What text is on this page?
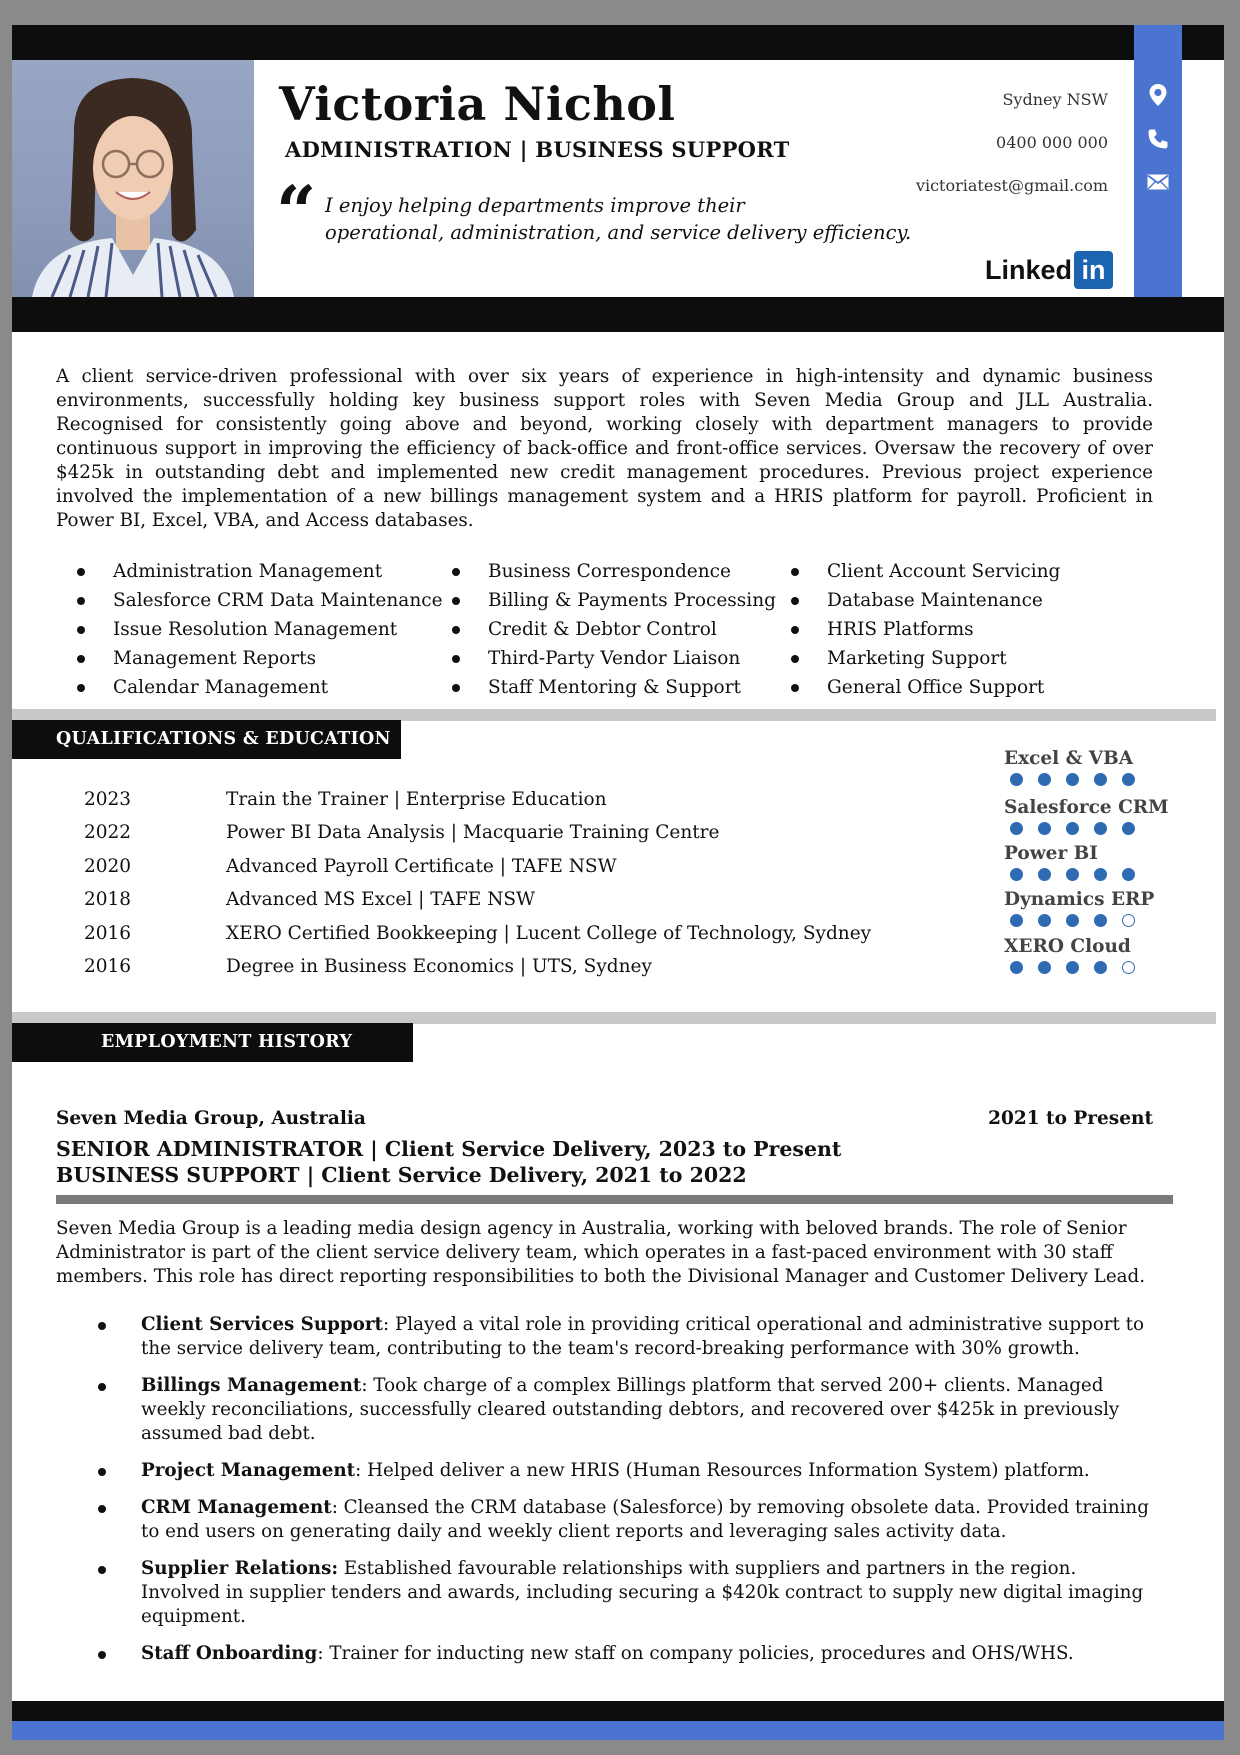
Victoria Nichol
ADMINISTRATION | BUSINESS SUPPORT
“ I enjoy helping departments improve their
operational, administration, and service delivery efficiency.
Sydney NSW
0400 000 000
victoriatest@gmail.com
Linked in

A client service-driven professional with over six years of experience in high-intensity and dynamic business environments, successfully holding key business support roles with Seven Media Group and JLL Australia. Recognised for consistently going above and beyond, working closely with department managers to provide continuous support in improving the efficiency of back-office and front-office services. Oversaw the recovery of over $425k in outstanding debt and implemented new credit management procedures. Previous project experience involved the implementation of a new billings management system and a HRIS platform for payroll. Proficient in Power BI, Excel, VBA, and Access databases.

Administration Management
Salesforce CRM Data Maintenance
Issue Resolution Management
Management Reports
Calendar Management
Business Correspondence
Billing & Payments Processing
Credit & Debtor Control
Third-Party Vendor Liaison
Staff Mentoring & Support
Client Account Servicing
Database Maintenance
HRIS Platforms
Marketing Support
General Office Support
QUALIFICATIONS & EDUCATION
2023	Train the Trainer | Enterprise Education
2022	Power BI Data Analysis | Macquarie Training Centre
2020	Advanced Payroll Certificate | TAFE NSW
2018	Advanced MS Excel | TAFE NSW
2016	XERO Certified Bookkeeping | Lucent College of Technology, Sydney
2016	Degree in Business Economics | UTS, Sydney
Excel & VBA
Salesforce CRM
Power BI
Dynamics ERP
XERO Cloud
EMPLOYMENT HISTORY
Seven Media Group, Australia	2021 to Present
SENIOR ADMINISTRATOR | Client Service Delivery, 2023 to Present
BUSINESS SUPPORT | Client Service Delivery, 2021 to 2022

Seven Media Group is a leading media design agency in Australia, working with beloved brands. The role of Senior Administrator is part of the client service delivery team, which operates in a fast-paced environment with 30 staff members. This role has direct reporting responsibilities to both the Divisional Manager and Customer Delivery Lead.

Client Services Support: Played a vital role in providing critical operational and administrative support to the service delivery team, contributing to the team's record-breaking performance with 30% growth.
Billings Management: Took charge of a complex Billings platform that served 200+ clients. Managed weekly reconciliations, successfully cleared outstanding debtors, and recovered over $425k in previously assumed bad debt.
Project Management: Helped deliver a new HRIS (Human Resources Information System) platform.
CRM Management: Cleansed the CRM database (Salesforce) by removing obsolete data. Provided training to end users on generating daily and weekly client reports and leveraging sales activity data.
Supplier Relations: Established favourable relationships with suppliers and partners in the region. Involved in supplier tenders and awards, including securing a $420k contract to supply new digital imaging equipment.
Staff Onboarding: Trainer for inducting new staff on company policies, procedures and OHS/WHS.
